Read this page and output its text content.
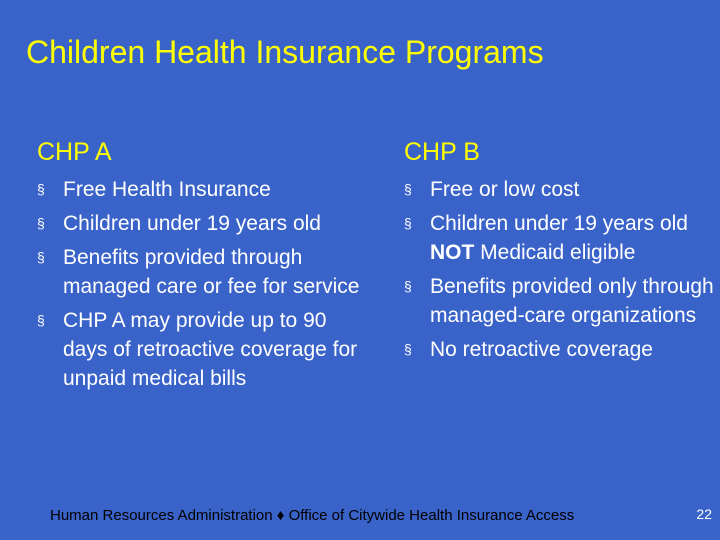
Children Health Insurance Programs
CHP A	CHP B
§ Free Health Insurance
§ Children under 19 years old
§ Benefits provided through managed care or fee for service
§ CHP A may provide up to 90 days of retroactive coverage for unpaid medical bills
§ Free or low cost
§ Children under 19 years old NOT Medicaid eligible
§ Benefits provided only through managed-care organizations
§ No retroactive coverage
Human Resources Administration ♦ Office of Citywide Health Insurance Access	22
